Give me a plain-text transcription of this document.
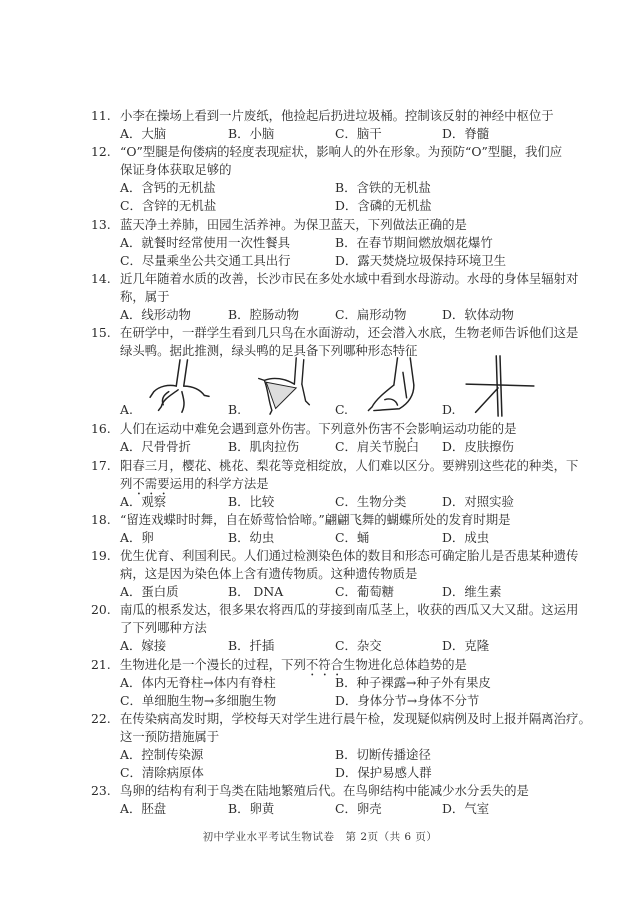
11. 小李在操场上看到一片废纸，他捡起后扔进垃圾桶。控制该反射的神经中枢位于
A．大脑	B．小脑	C．脑干	D．脊髓
12. “O”型腿是佝偻病的轻度表现症状，影响人的外在形象。为预防“O”型腿，我们应
保证身体获取足够的
A．含钙的无机盐	B．含铁的无机盐
C．含锌的无机盐	D．含磷的无机盐
13. 蓝天净土养肺，田园生活养神。为保卫蓝天，下列做法正确的是
A．就餐时经常使用一次性餐具	B．在春节期间燃放烟花爆竹
C．尽量乘坐公共交通工具出行	D．露天焚烧垃圾保持环境卫生
14. 近几年随着水质的改善，长沙市民在多处水域中看到水母游动。水母的身体呈辐射对
称，属于
A．线形动物	B．腔肠动物	C．扁形动物	D．软体动物
15. 在研学中，一群学生看到几只鸟在水面游动，还会潜入水底，生物老师告诉他们这是
绿头鸭。据此推测，绿头鸭的足具备下列哪种形态特征
A.	B.	C.	D.
16. 人们在运动中难免会遇到意外伤害。下列意外伤害不会影响运动功能的是
A．尺骨骨折	B．肌肉拉伤	C．肩关节脱臼 D．皮肤擦伤
17. 阳春三月，樱花、桃花、梨花等竞相绽放，人们难以区分。要辨别这些花的种类，下
列不需要运用的科学方法是
A．观察	B．比较	C．生物分类	D．对照实验
18. “留连戏蝶时时舞，自在娇莺恰恰啼。”翩翩飞舞的蝴蝶所处的发育时期是
A．卵	B．幼虫	C．蛹	D．成虫
19. 优生优育、利国利民。人们通过检测染色体的数目和形态可确定胎儿是否患某种遗传
病，这是因为染色体上含有遗传物质。这种遗传物质是
A．蛋白质	B． DNA	C．葡萄糖	D．维生素
20. 南瓜的根系发达，很多果农将西瓜的芽接到南瓜茎上，收获的西瓜又大又甜。这运用
了下列哪种方法
A．嫁接	B．扦插	C．杂交	D．克隆
21. 生物进化是一个漫长的过程，下列不符合生物进化总体趋势的是
A．体内无脊柱→体内有脊柱	B．种子裸露→种子外有果皮
C．单细胞生物→多细胞生物	D．身体分节→身体不分节
22. 在传染病高发时期，学校每天对学生进行晨午检，发现疑似病例及时上报并隔离治疗。
这一预防措施属于
A．控制传染源	B．切断传播途径
C．清除病原体	D．保护易感人群
23. 鸟卵的结构有利于鸟类在陆地繁殖后代。在鸟卵结构中能减少水分丢失的是
A．胚盘	B．卵黄	C．卵壳	D．气室
初中学业水平考试生物试卷　第 2页（共 6 页）
